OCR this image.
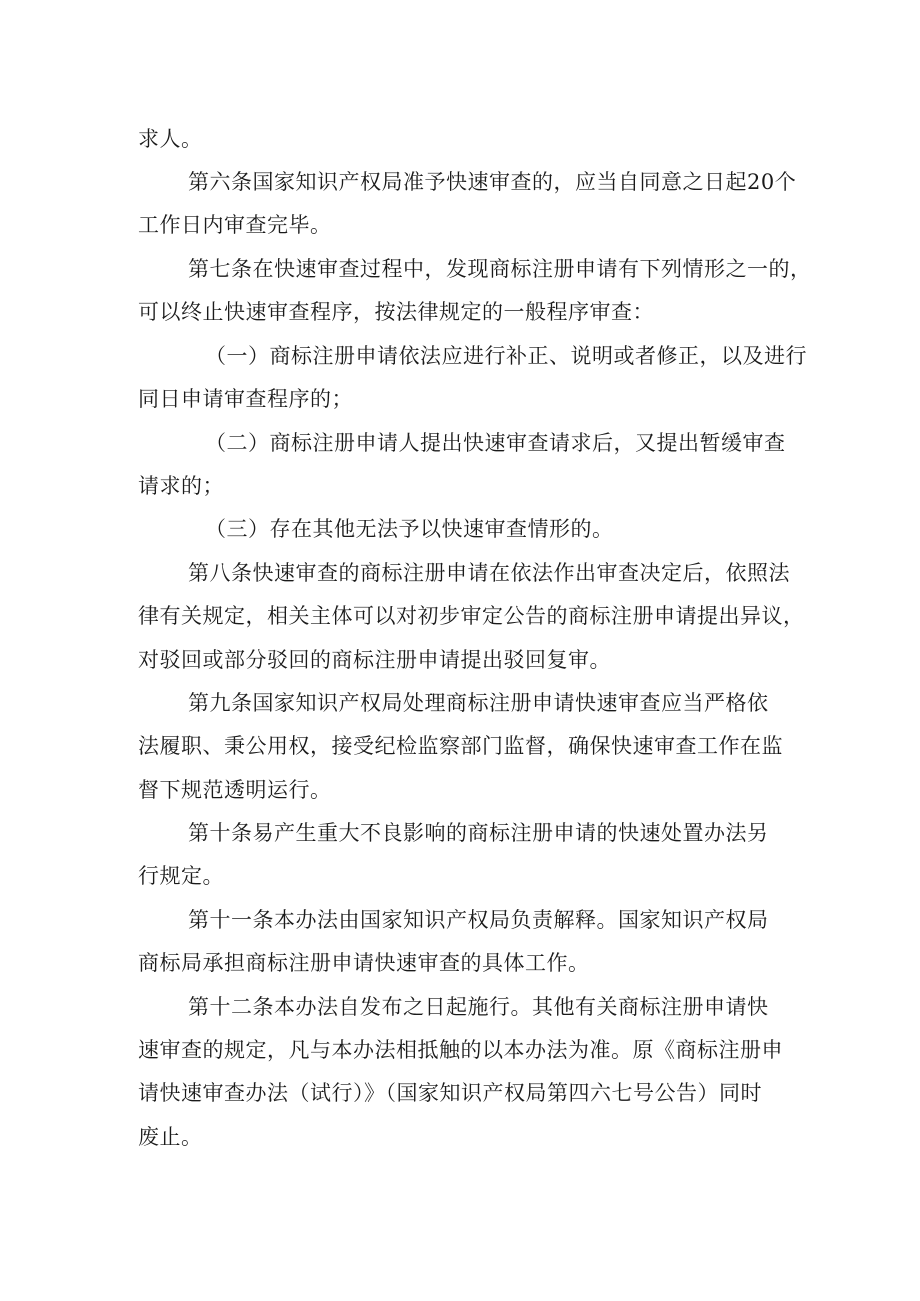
求人。
第六条国家知识产权局准予快速审查的，应当自同意之日起20个
工作日内审查完毕。
第七条在快速审查过程中，发现商标注册申请有下列情形之一的，
可以终止快速审查程序，按法律规定的一般程序审查：
（一）商标注册申请依法应进行补正、说明或者修正，以及进行
同日申请审查程序的；
（二）商标注册申请人提出快速审查请求后，又提出暂缓审查
请求的；
（三）存在其他无法予以快速审查情形的。
第八条快速审查的商标注册申请在依法作出审查决定后，依照法
律有关规定，相关主体可以对初步审定公告的商标注册申请提出异议，
对驳回或部分驳回的商标注册申请提出驳回复审。
第九条国家知识产权局处理商标注册申请快速审查应当严格依
法履职、秉公用权，接受纪检监察部门监督，确保快速审查工作在监
督下规范透明运行。
第十条易产生重大不良影响的商标注册申请的快速处置办法另
行规定。
第十一条本办法由国家知识产权局负责解释。国家知识产权局
商标局承担商标注册申请快速审查的具体工作。
第十二条本办法自发布之日起施行。其他有关商标注册申请快
速审查的规定，凡与本办法相抵触的以本办法为准。原《商标注册申
请快速审查办法（试行）》（国家知识产权局第四六七号公告）同时
废止。
